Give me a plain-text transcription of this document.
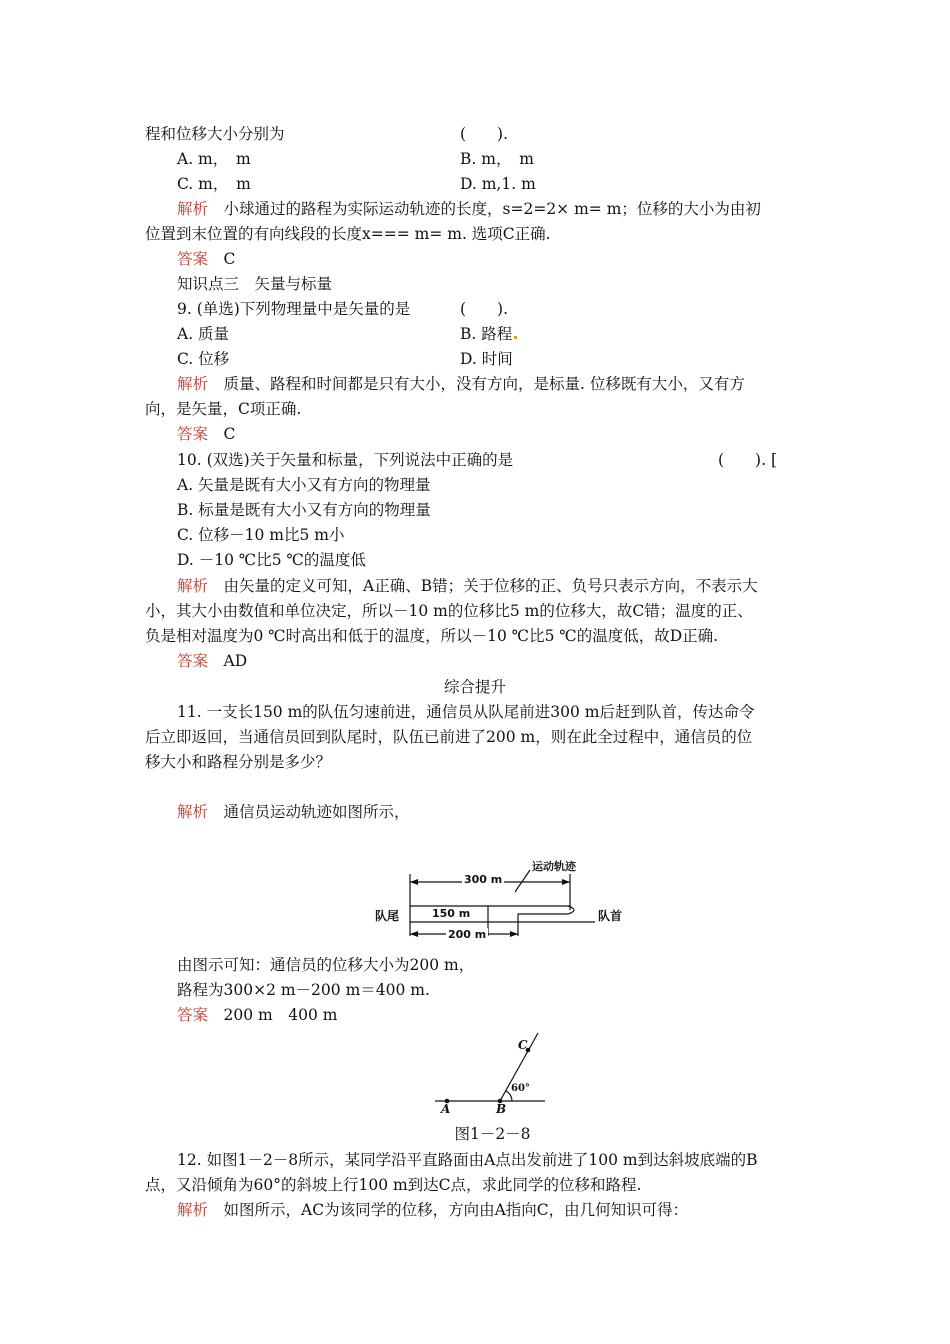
程和位移大小分别为	(　　).
A. m，　m	B. m，　m
C. m，　m	D. m,1. m
解析　 小球通过的路程为实际运动轨迹的长度，s=2=2× m= m；位移的大小为由初
位置到末位置的有向线段的长度x=== m= m. 选项C正确.
答案　 C
知识点三　矢量与标量
9. (单选)下列物理量中是矢量的是	(　　).
A. 质量	B. 路程
C. 位移	D. 时间
解析　 质量、路程和时间都是只有大小，没有方向，是标量. 位移既有大小，又有方
向，是矢量，C项正确.
答案　 C
10. (双选)关于矢量和标量，下列说法中正确的是	(　　). [
A. 矢量是既有大小又有方向的物理量
B. 标量是既有大小又有方向的物理量
C. 位移－10 m比5 m小
D. －10 ℃比5 ℃的温度低
解析　 由矢量的定义可知，A正确、B错；关于位移的正、负号只表示方向，不表示大
小，其大小由数值和单位决定，所以－10 m的位移比5 m的位移大，故C错；温度的正、
负是相对温度为0 ℃时高出和低于的温度，所以－10 ℃比5 ℃的温度低，故D正确.
答案　 AD
综合提升
11. 一支长150 m的队伍匀速前进，通信员从队尾前进300 m后赶到队首，传达命令
后立即返回，当通信员回到队尾时，队伍已前进了200 m，则在此全过程中，通信员的位
移大小和路程分别是多少？
解析　 通信员运动轨迹如图所示，
300 m
运动轨迹
队尾	150 m	队首
200 m
由图示可知：通信员的位移大小为200 m，
路程为300×2 m－200 m＝400 m.
答案　 200 m　400 m
C
60°
A	B
图1－2－8
12. 如图1－2－8所示，某同学沿平直路面由A点出发前进了100 m到达斜坡底端的B
点，又沿倾角为60°的斜坡上行100 m到达C点，求此同学的位移和路程.
解析　 如图所示，AC为该同学的位移，方向由A指向C，由几何知识可得：
